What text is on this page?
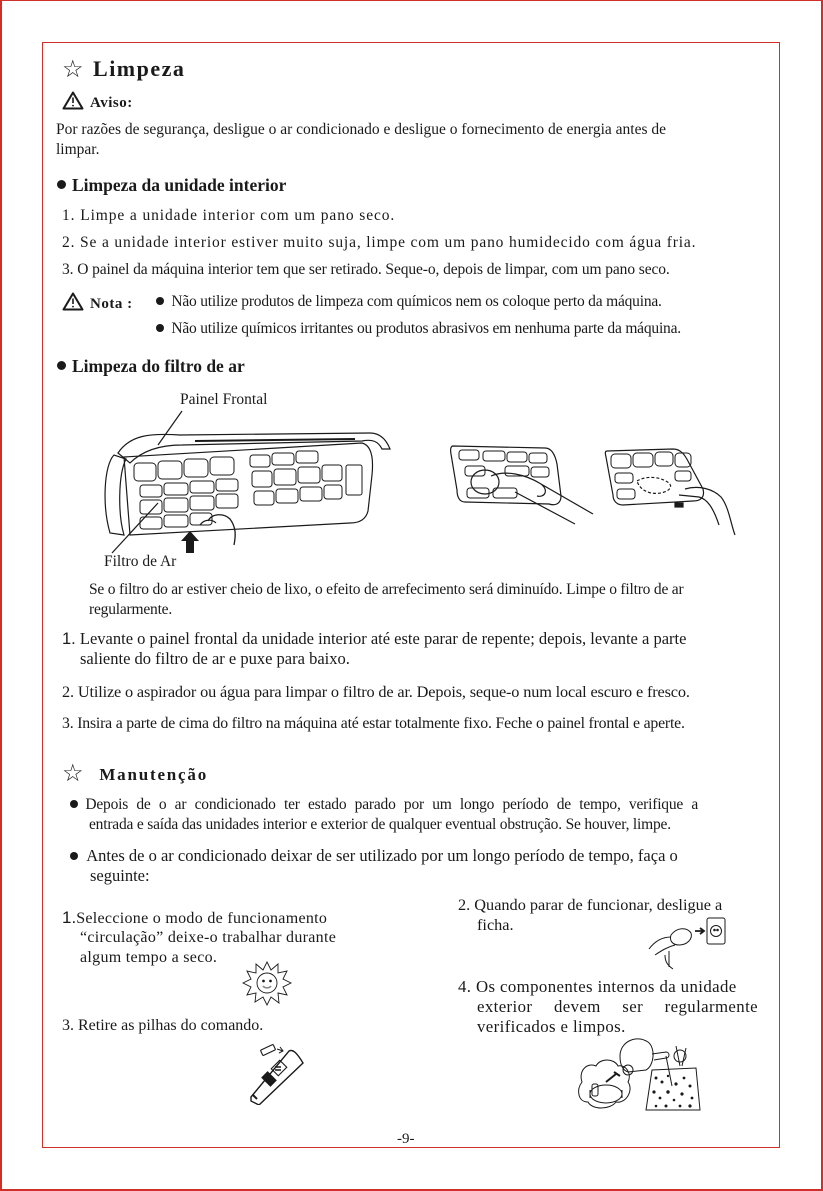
☆ Limpeza
Aviso:
Por razões de segurança, desligue o ar condicionado e desligue o fornecimento de energia antes de
limpar.
Limpeza da unidade interior
1. Limpe a unidade interior com um pano seco.
2. Se a unidade interior estiver muito suja, limpe com um pano humidecido com água fria.
3. O painel da máquina interior tem que ser retirado. Seque-o, depois de limpar, com um pano seco.
Nota :	Não utilize produtos de limpeza com químicos nem os coloque perto da máquina.
Não utilize químicos irritantes ou produtos abrasivos em nenhuma parte da máquina.
Limpeza do filtro de ar
Painel Frontal
Filtro de Ar
Se o filtro do ar estiver cheio de lixo, o efeito de arrefecimento será diminuído. Limpe o filtro de ar
regularmente.
1. Levante o painel frontal da unidade interior até este parar de repente; depois, levante a parte
saliente do filtro de ar e puxe para baixo.
2. Utilize o aspirador ou água para limpar o filtro de ar. Depois, seque-o num local escuro e fresco.
3. Insira a parte de cima do filtro na máquina até estar totalmente fixo. Feche o painel frontal e aperte.
☆ Manutenção
Depois de o ar condicionado ter estado parado por um longo período de tempo, verifique a
entrada e saída das unidades interior e exterior de qualquer eventual obstrução. Se houver, limpe.
Antes de o ar condicionado deixar de ser utilizado por um longo período de tempo, faça o
seguinte:
1.Seleccione o modo de funcionamento
“circulação” deixe-o trabalhar durante
algum tempo a seco.
2. Quando parar de funcionar, desligue a
ficha.
3. Retire as pilhas do comando.
4. Os componentes internos da unidade
exterior devem ser regularmente
verificados e limpos.
-9-
